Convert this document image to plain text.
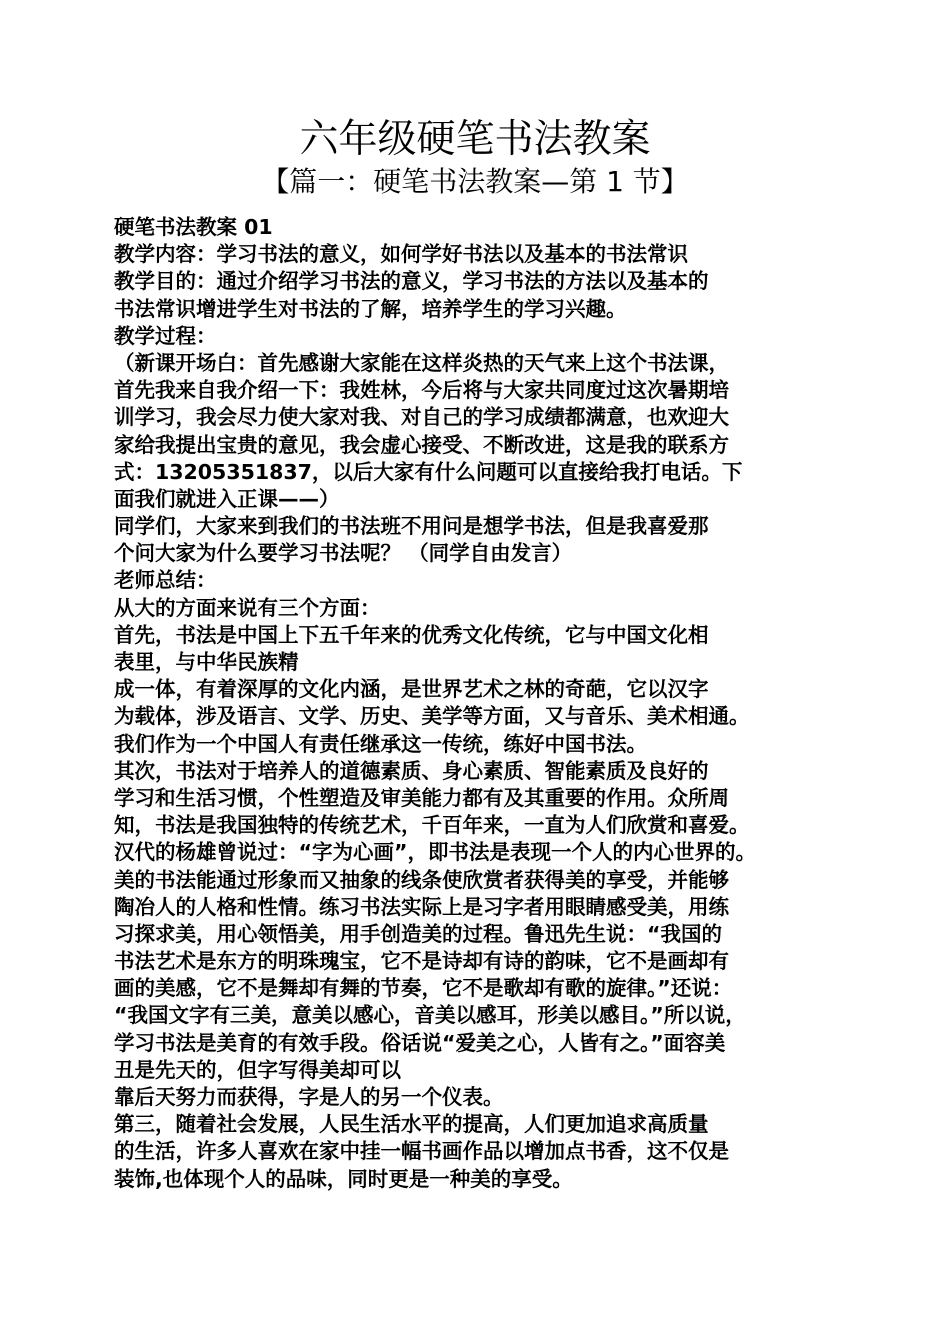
六年级硬笔书法教案
【篇一：硬笔书法教案—第 1 节】
硬笔书法教案 01
教学内容：学习书法的意义，如何学好书法以及基本的书法常识
教学目的：通过介绍学习书法的意义，学习书法的方法以及基本的
书法常识增进学生对书法的了解，培养学生的学习兴趣。
教学过程：
（新课开场白：首先感谢大家能在这样炎热的天气来上这个书法课，
首先我来自我介绍一下：我姓林，今后将与大家共同度过这次暑期培
训学习，我会尽力使大家对我、对自己的学习成绩都满意，也欢迎大
家给我提出宝贵的意见，我会虚心接受、不断改进，这是我的联系方
式：13205351837，以后大家有什么问题可以直接给我打电话。下
面我们就进入正课——）
同学们，大家来到我们的书法班不用问是想学书法，但是我喜爱那
个问大家为什么要学习书法呢？ （同学自由发言）
老师总结：
从大的方面来说有三个方面：
首先，书法是中国上下五千年来的优秀文化传统，它与中国文化相
表里，与中华民族精
成一体，有着深厚的文化内涵，是世界艺术之林的奇葩，它以汉字
为载体，涉及语言、文学、历史、美学等方面，又与音乐、美术相通。
我们作为一个中国人有责任继承这一传统，练好中国书法。
其次，书法对于培养人的道德素质、身心素质、智能素质及良好的
学习和生活习惯，个性塑造及审美能力都有及其重要的作用。众所周
知，书法是我国独特的传统艺术，千百年来，一直为人们欣赏和喜爱。
汉代的杨雄曾说过：“字为心画”，即书法是表现一个人的内心世界的。
美的书法能通过形象而又抽象的线条使欣赏者获得美的享受，并能够
陶冶人的人格和性情。练习书法实际上是习字者用眼睛感受美，用练
习探求美，用心领悟美，用手创造美的过程。鲁迅先生说：“我国的
书法艺术是东方的明珠瑰宝，它不是诗却有诗的韵味，它不是画却有
画的美感，它不是舞却有舞的节奏，它不是歌却有歌的旋律。”还说：
“我国文字有三美，意美以感心，音美以感耳，形美以感目。”所以说，
学习书法是美育的有效手段。俗话说“爱美之心，人皆有之。”面容美
丑是先天的，但字写得美却可以
靠后天努力而获得，字是人的另一个仪表。
第三，随着社会发展，人民生活水平的提高，人们更加追求高质量
的生活，许多人喜欢在家中挂一幅书画作品以增加点书香，这不仅是
装饰,也体现个人的品味，同时更是一种美的享受。
